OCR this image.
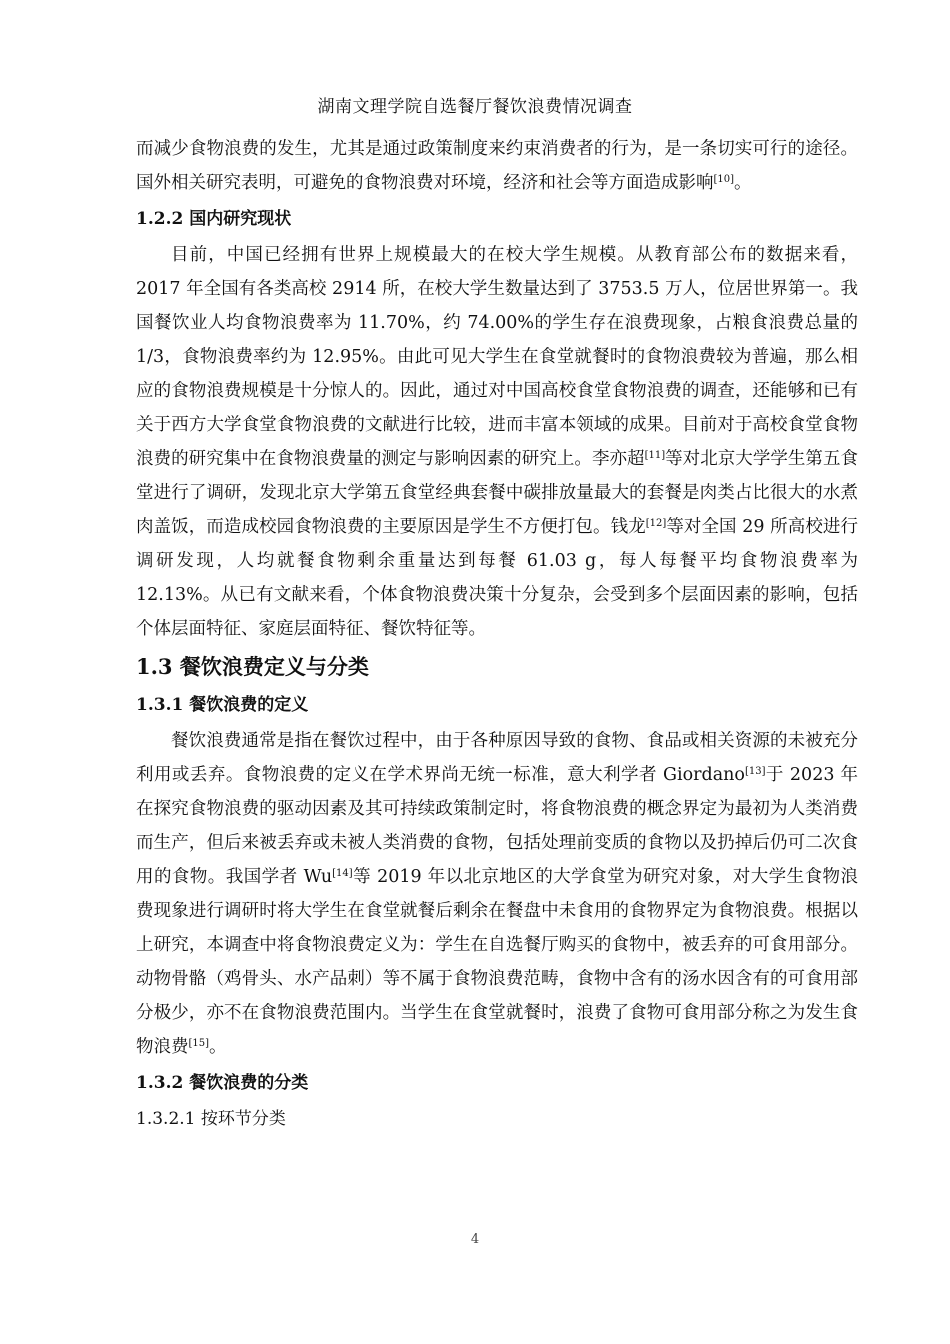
湖南文理学院自选餐厅餐饮浪费情况调查

而减少食物浪费的发生，尤其是通过政策制度来约束消费者的行为，是一条切实可行的途径。国外相关研究表明，可避免的食物浪费对环境，经济和社会等方面造成影响[10]。

1.2.2 国内研究现状

目前，中国已经拥有世界上规模最大的在校大学生规模。从教育部公布的数据来看，2017 年全国有各类高校 2914 所，在校大学生数量达到了 3753.5 万人，位居世界第一。我国餐饮业人均食物浪费率为 11.70%，约 74.00%的学生存在浪费现象，占粮食浪费总量的 1/3，食物浪费率约为 12.95%。由此可见大学生在食堂就餐时的食物浪费较为普遍，那么相应的食物浪费规模是十分惊人的。因此，通过对中国高校食堂食物浪费的调查，还能够和已有关于西方大学食堂食物浪费的文献进行比较，进而丰富本领域的成果。目前对于高校食堂食物浪费的研究集中在食物浪费量的测定与影响因素的研究上。李亦超[11]等对北京大学学生第五食堂进行了调研，发现北京大学第五食堂经典套餐中碳排放量最大的套餐是肉类占比很大的水煮肉盖饭，而造成校园食物浪费的主要原因是学生不方便打包。钱龙[12]等对全国 29 所高校进行调研发现，人均就餐食物剩余重量达到每餐 61.03 g，每人每餐平均食物浪费率为 12.13%。从已有文献来看，个体食物浪费决策十分复杂，会受到多个层面因素的影响，包括个体层面特征、家庭层面特征、餐饮特征等。

1.3 餐饮浪费定义与分类
1.3.1 餐饮浪费的定义

餐饮浪费通常是指在餐饮过程中，由于各种原因导致的食物、食品或相关资源的未被充分利用或丢弃。食物浪费的定义在学术界尚无统一标准，意大利学者 Giordano[13]于 2023 年在探究食物浪费的驱动因素及其可持续政策制定时，将食物浪费的概念界定为最初为人类消费而生产，但后来被丢弃或未被人类消费的食物，包括处理前变质的食物以及扔掉后仍可二次食用的食物。我国学者 Wu[14]等 2019 年以北京地区的大学食堂为研究对象，对大学生食物浪费现象进行调研时将大学生在食堂就餐后剩余在餐盘中未食用的食物界定为食物浪费。根据以上研究，本调查中将食物浪费定义为：学生在自选餐厅购买的食物中，被丢弃的可食用部分。动物骨骼（鸡骨头、水产品刺）等不属于食物浪费范畴，食物中含有的汤水因含有的可食用部分极少，亦不在食物浪费范围内。当学生在食堂就餐时，浪费了食物可食用部分称之为发生食物浪费[15]。

1.3.2 餐饮浪费的分类
1.3.2.1 按环节分类
4
